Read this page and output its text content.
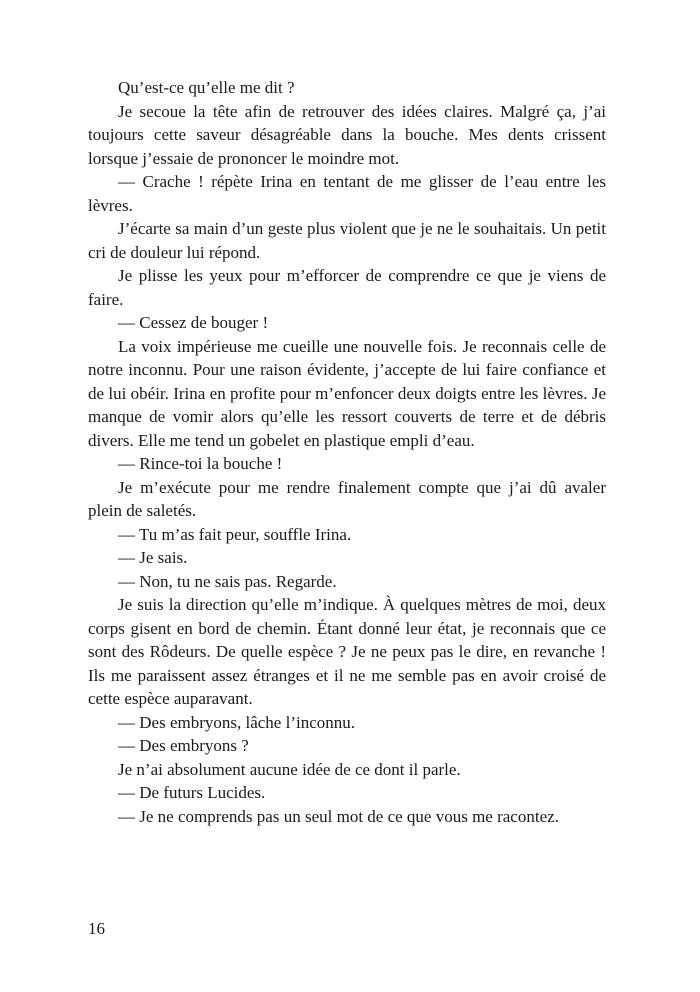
Qu’est-ce qu’elle me dit ?

Je secoue la tête afin de retrouver des idées claires. Malgré ça, j’ai toujours cette saveur désagréable dans la bouche. Mes dents crissent lorsque j’essaie de prononcer le moindre mot.

— Crache ! répète Irina en tentant de me glisser de l’eau entre les lèvres.

J’écarte sa main d’un geste plus violent que je ne le souhaitais. Un petit cri de douleur lui répond.

Je plisse les yeux pour m’efforcer de comprendre ce que je viens de faire.

— Cessez de bouger !

La voix impérieuse me cueille une nouvelle fois. Je reconnais celle de notre inconnu. Pour une raison évidente, j’accepte de lui faire confiance et de lui obéir. Irina en profite pour m’enfoncer deux doigts entre les lèvres. Je manque de vomir alors qu’elle les ressort couverts de terre et de débris divers. Elle me tend un gobelet en plastique empli d’eau.

— Rince-toi la bouche !

Je m’exécute pour me rendre finalement compte que j’ai dû avaler plein de saletés.

— Tu m’as fait peur, souffle Irina.

— Je sais.

— Non, tu ne sais pas. Regarde.

Je suis la direction qu’elle m’indique. À quelques mètres de moi, deux corps gisent en bord de chemin. Étant donné leur état, je reconnais que ce sont des Rôdeurs. De quelle espèce ? Je ne peux pas le dire, en revanche ! Ils me paraissent assez étranges et il ne me semble pas en avoir croisé de cette espèce auparavant.

— Des embryons, lâche l’inconnu.

— Des embryons ?

Je n’ai absolument aucune idée de ce dont il parle.

— De futurs Lucides.

— Je ne comprends pas un seul mot de ce que vous me racontez.

16
